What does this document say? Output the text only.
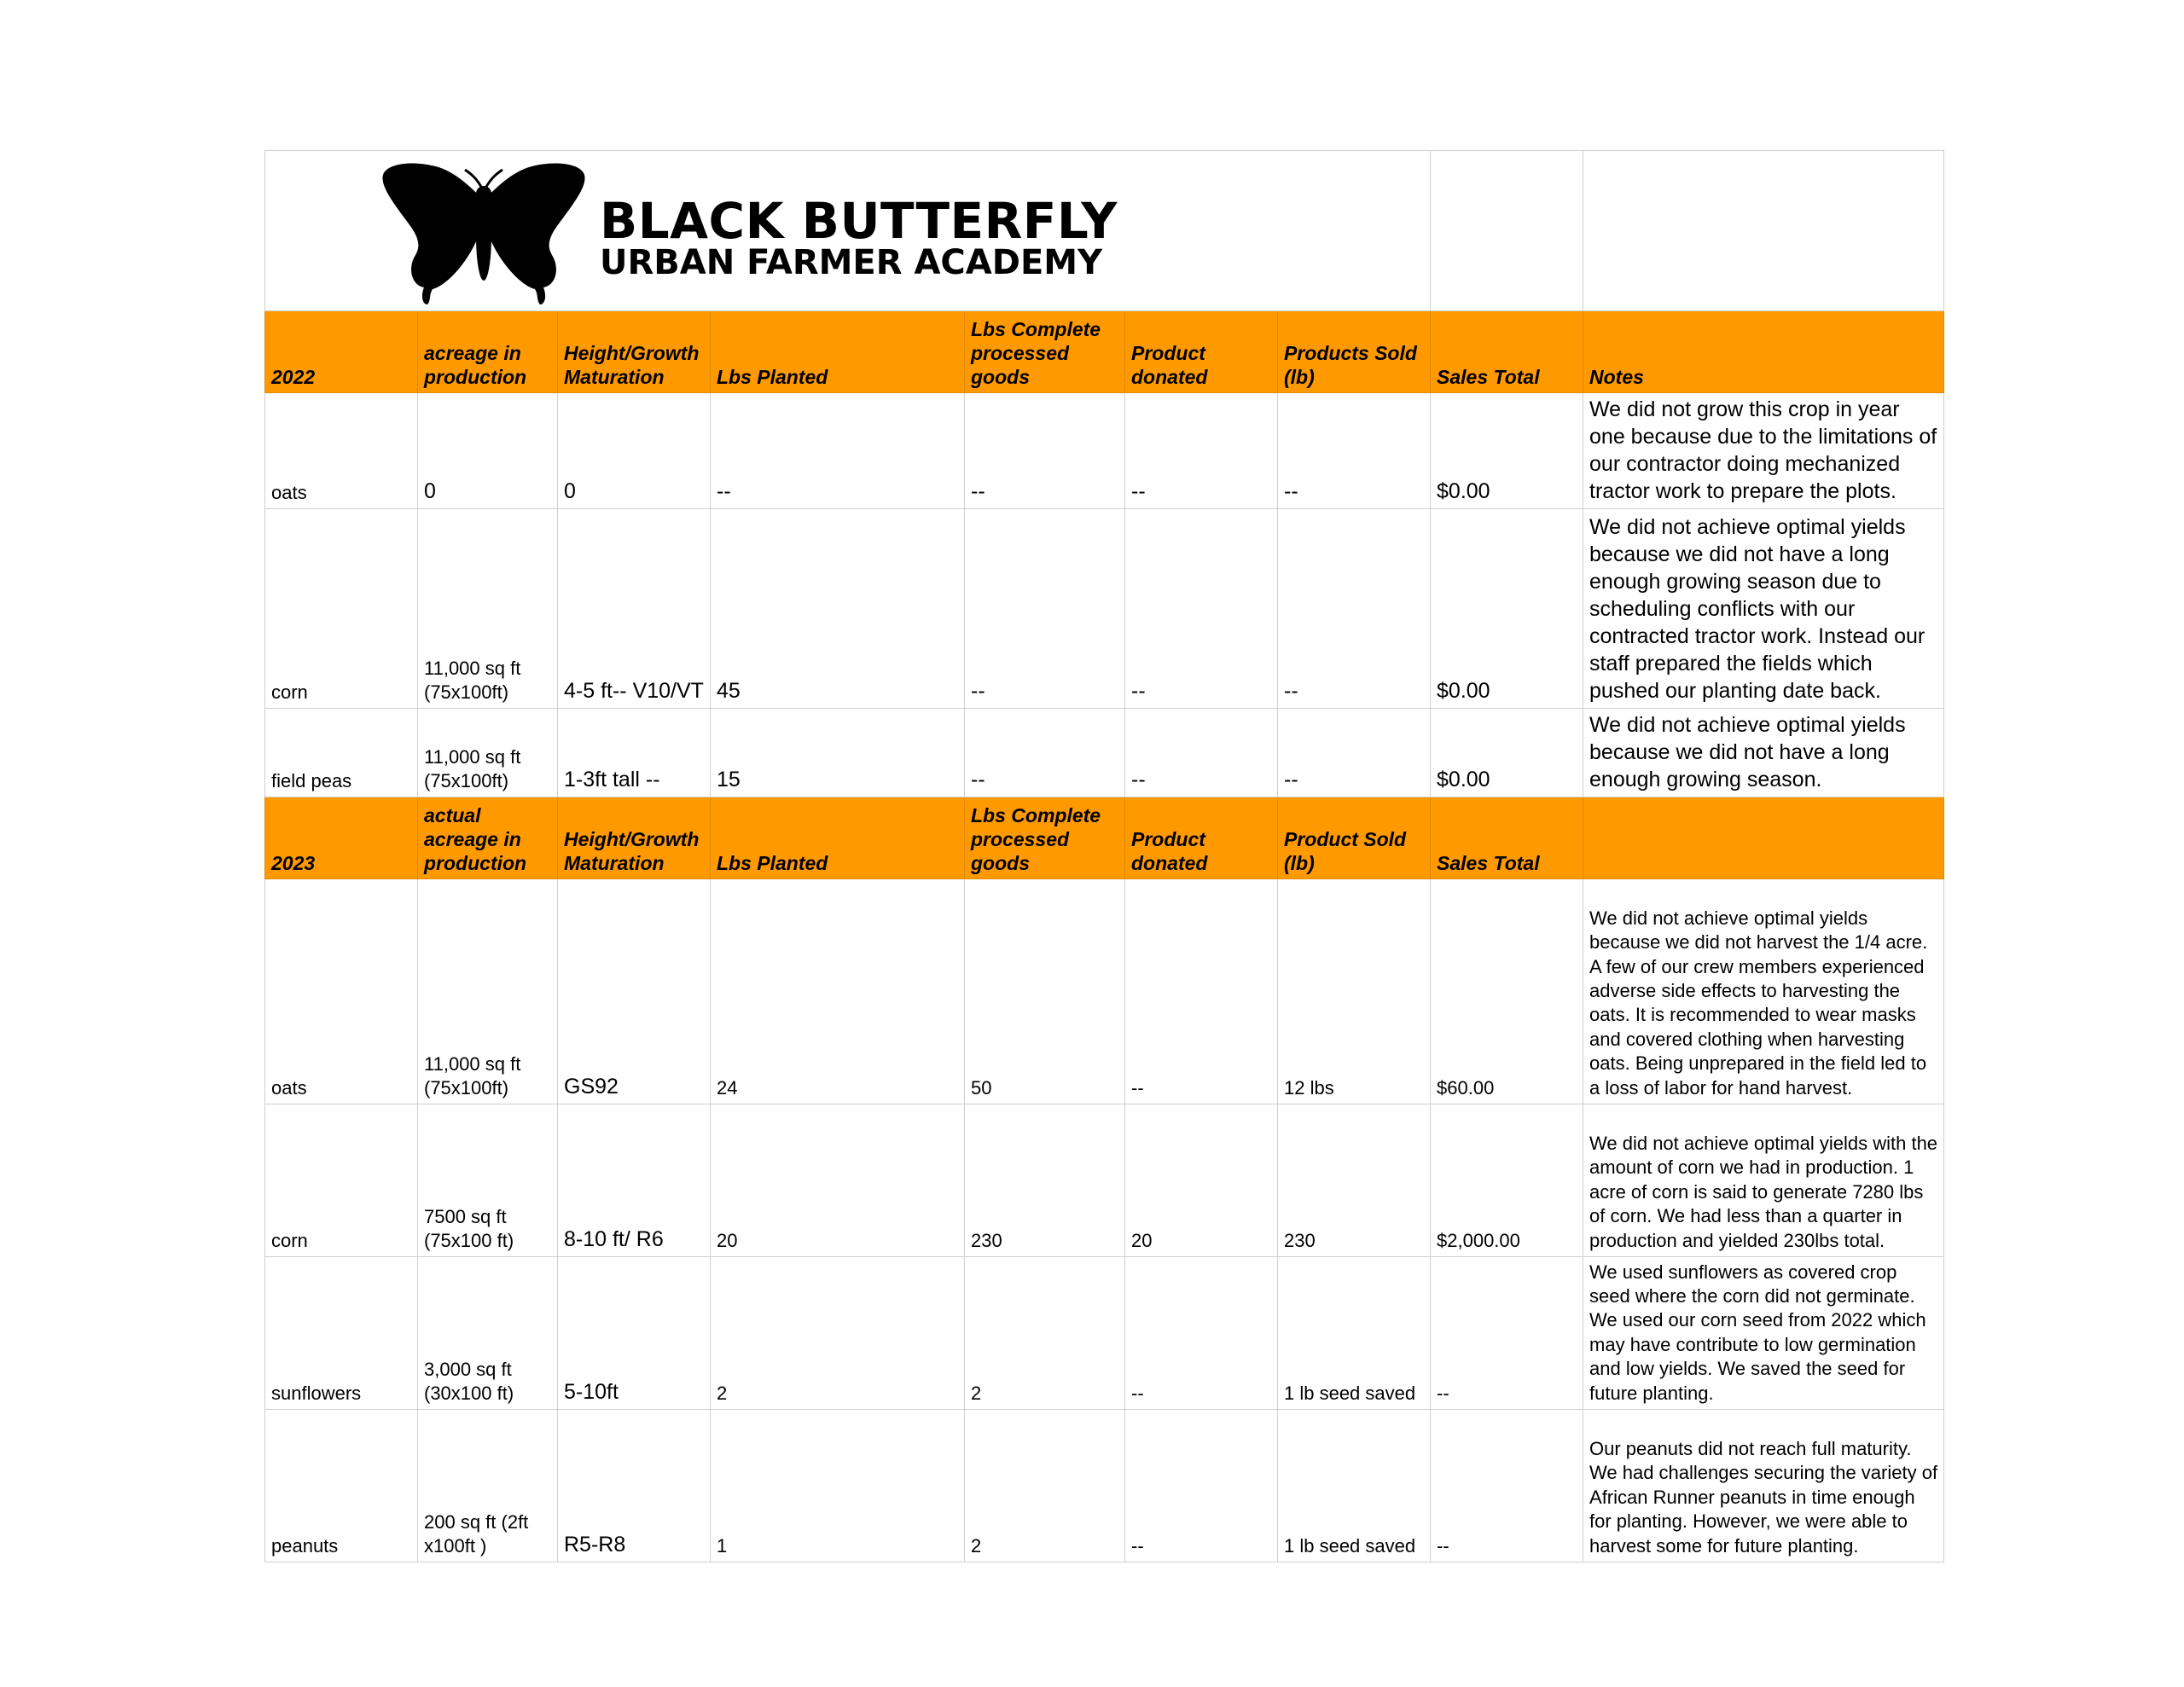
BLACK BUTTERFLY
URBAN FARMER ACADEMY								

2022	acreage in production	Height/Growth Maturation	Lbs Planted	Lbs Complete processed goods	Product donated	Products Sold (lb)	Sales Total	Notes
oats	0	0	--	--	--	--	$0.00	We did not grow this crop in year one because due to the limitations of our contractor doing mechanized tractor work to prepare the plots.
corn	11,000 sq ft (75x100ft)	4-5 ft-- V10/VT	45	--	--	--	$0.00	We did not achieve optimal yields because we did not have a long enough growing season due to scheduling conflicts with our contracted tractor work. Instead our staff prepared the fields which pushed our planting date back.
field peas	11,000 sq ft (75x100ft)	1-3ft tall --	15	--	--	--	$0.00	We did not achieve optimal yields because we did not have a long enough growing season.
2023	actual acreage in production	Height/Growth Maturation	Lbs Planted	Lbs Complete processed goods	Product donated	Product Sold (lb)	Sales Total	
oats	11,000 sq ft (75x100ft)	GS92	24	50	--	12 lbs	$60.00	We did not achieve optimal yields because we did not harvest the 1/4 acre. A few of our crew members experienced adverse side effects to harvesting the oats. It is recommended to wear masks and covered clothing when harvesting oats. Being unprepared in the field led to a loss of labor for hand harvest.
corn	7500 sq ft (75x100 ft)	8-10 ft/ R6	20	230	20	230	$2,000.00	We did not achieve optimal yields with the amount of corn we had in production. 1 acre of corn is said to generate 7280 lbs of corn. We had less than a quarter in production and yielded 230lbs total.
sunflowers	3,000 sq ft (30x100 ft)	5-10ft	2	2	--	1 lb seed saved	--	We used sunflowers as covered crop seed where the corn did not germinate. We used our corn seed from 2022 which may have contribute to low germination and low yields. We saved the seed for future planting.
peanuts	200 sq ft (2ft x100ft )	R5-R8	1	2	--	1 lb seed saved	--	Our peanuts did not reach full maturity. We had challenges securing the variety of African Runner peanuts in time enough for planting. However, we were able to harvest some for future planting.
